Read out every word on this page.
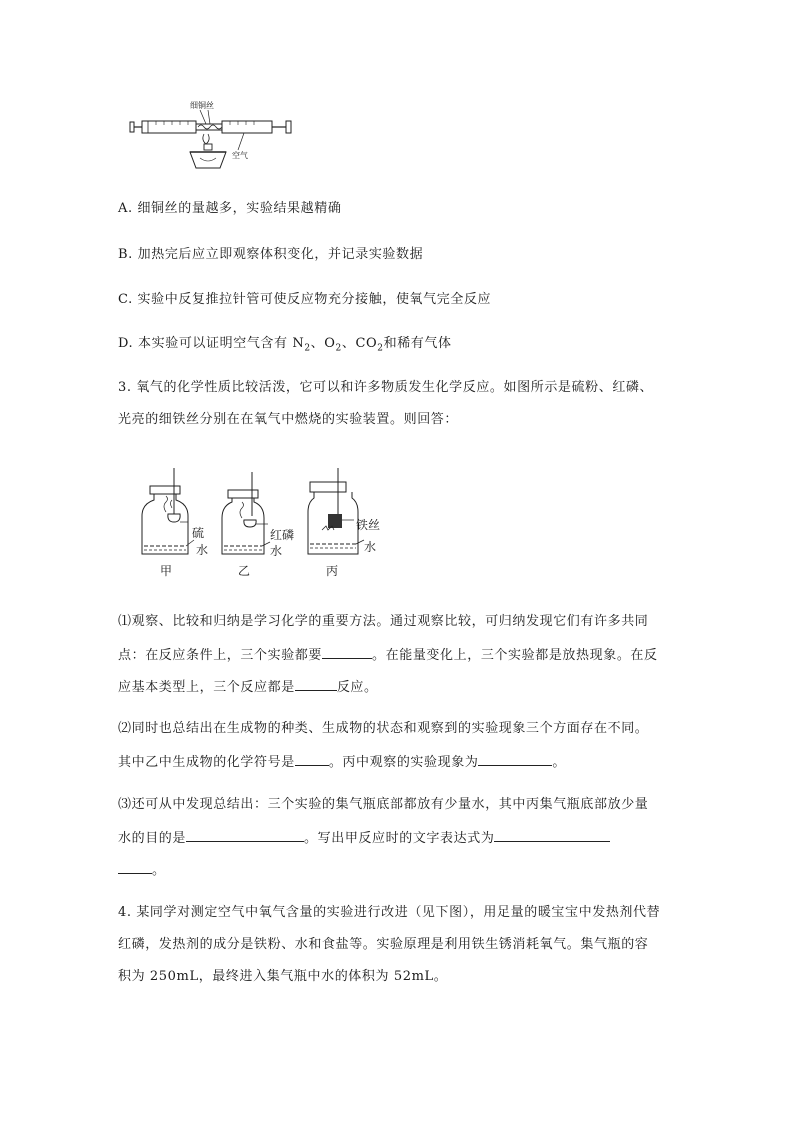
细铜丝
空气
A. 细铜丝的量越多，实验结果越精确
B. 加热完后应立即观察体积变化，并记录实验数据
C. 实验中反复推拉针管可使反应物充分接触，使氧气完全反应
D. 本实验可以证明空气含有 $N_2$、$O_2$、$CO_2$和稀有气体
3. 氧气的化学性质比较活泼，它可以和许多物质发生化学反应。如图所示是硫粉、红磷、
光亮的细铁丝分别在在氧气中燃烧的实验装置。则回答：
硫
水
甲
红磷
水
乙
铁丝
水
丙
⑴观察、比较和归纳是学习化学的重要方法。通过观察比较，可归纳发现它们有许多共同
点：在反应条件上，三个实验都要	。在能量变化上，三个实验都是放热现象。在反
应基本类型上，三个反应都是	反应。
⑵同时也总结出在生成物的种类、生成物的状态和观察到的实验现象三个方面存在不同。
其中乙中生成物的化学符号是	。丙中观察的实验现象为	。
⑶还可从中发现总结出：三个实验的集气瓶底部都放有少量水，其中丙集气瓶底部放少量
水的目的是	。写出甲反应时的文字表达式为
。
4. 某同学对测定空气中氧气含量的实验进行改进（见下图），用足量的暖宝宝中发热剂代替
红磷，发热剂的成分是铁粉、水和食盐等。实验原理是利用铁生锈消耗氧气。集气瓶的容
积为 250mL，最终进入集气瓶中水的体积为 52mL。
